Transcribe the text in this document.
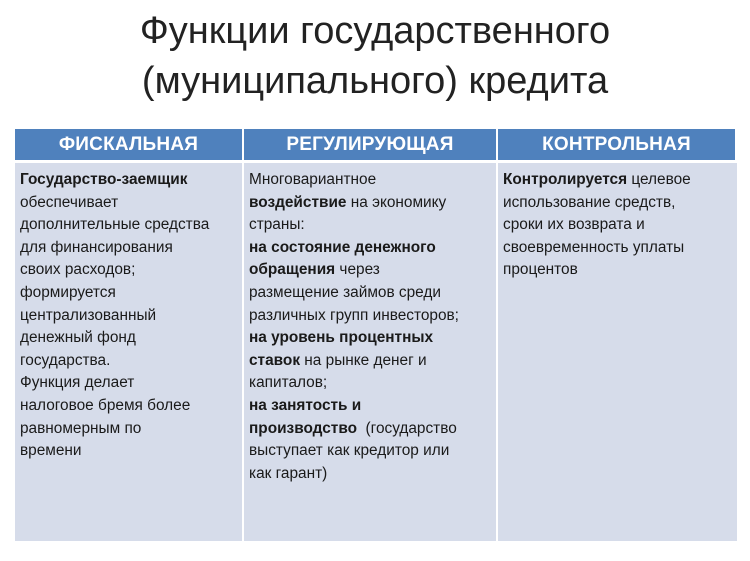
Функции государственного
(муниципального) кредита
ФИСКАЛЬНАЯ	РЕГУЛИРУЮЩАЯ	КОНТРОЛЬНАЯ
Государство-заемщик
обеспечивает
дополнительные средства
для финансирования
своих расходов;
формируется
централизованный
денежный фонд
государства.
Функция делает
налоговое бремя более
равномерным по
времени
Многовариантное
воздействие на экономику
страны:
на состояние денежного
обращения через
размещение займов среди
различных групп инвесторов;
на уровень процентных
ставок на рынке денег и
капиталов;
на занятость и
производство  (государство
выступает как кредитор или
как гарант)
Контролируется целевое
использование средств,
сроки их возврата и
своевременность уплаты
процентов
